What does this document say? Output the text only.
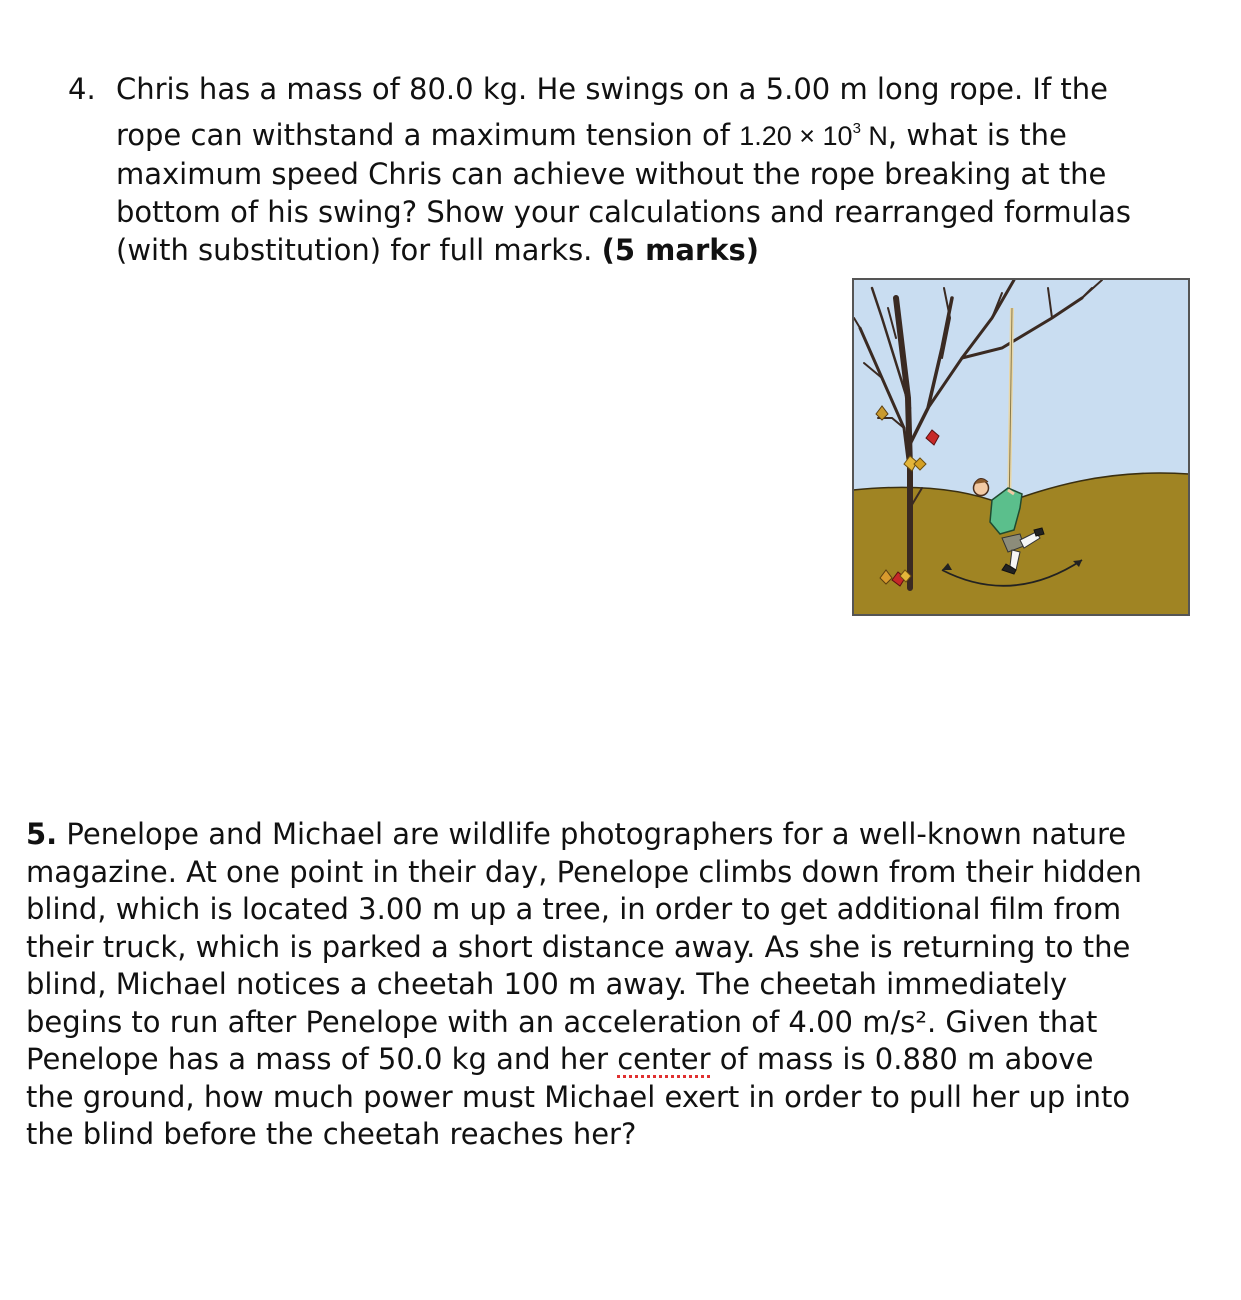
4. Chris has a mass of 80.0 kg. He swings on a 5.00 m long rope. If the
rope can withstand a maximum tension of $1.20 \times 10^3$ N, what is the
maximum speed Chris can achieve without the rope breaking at the
bottom of his swing? Show your calculations and rearranged formulas
(with substitution) for full marks. (5 marks)
5. Penelope and Michael are wildlife photographers for a well-known nature
magazine. At one point in their day, Penelope climbs down from their hidden
blind, which is located 3.00 m up a tree, in order to get additional film from
their truck, which is parked a short distance away. As she is returning to the
blind, Michael notices a cheetah 100 m away. The cheetah immediately
begins to run after Penelope with an acceleration of 4.00 m/s². Given that
Penelope has a mass of 50.0 kg and her center of mass is 0.880 m above
the ground, how much power must Michael exert in order to pull her up into
the blind before the cheetah reaches her?
